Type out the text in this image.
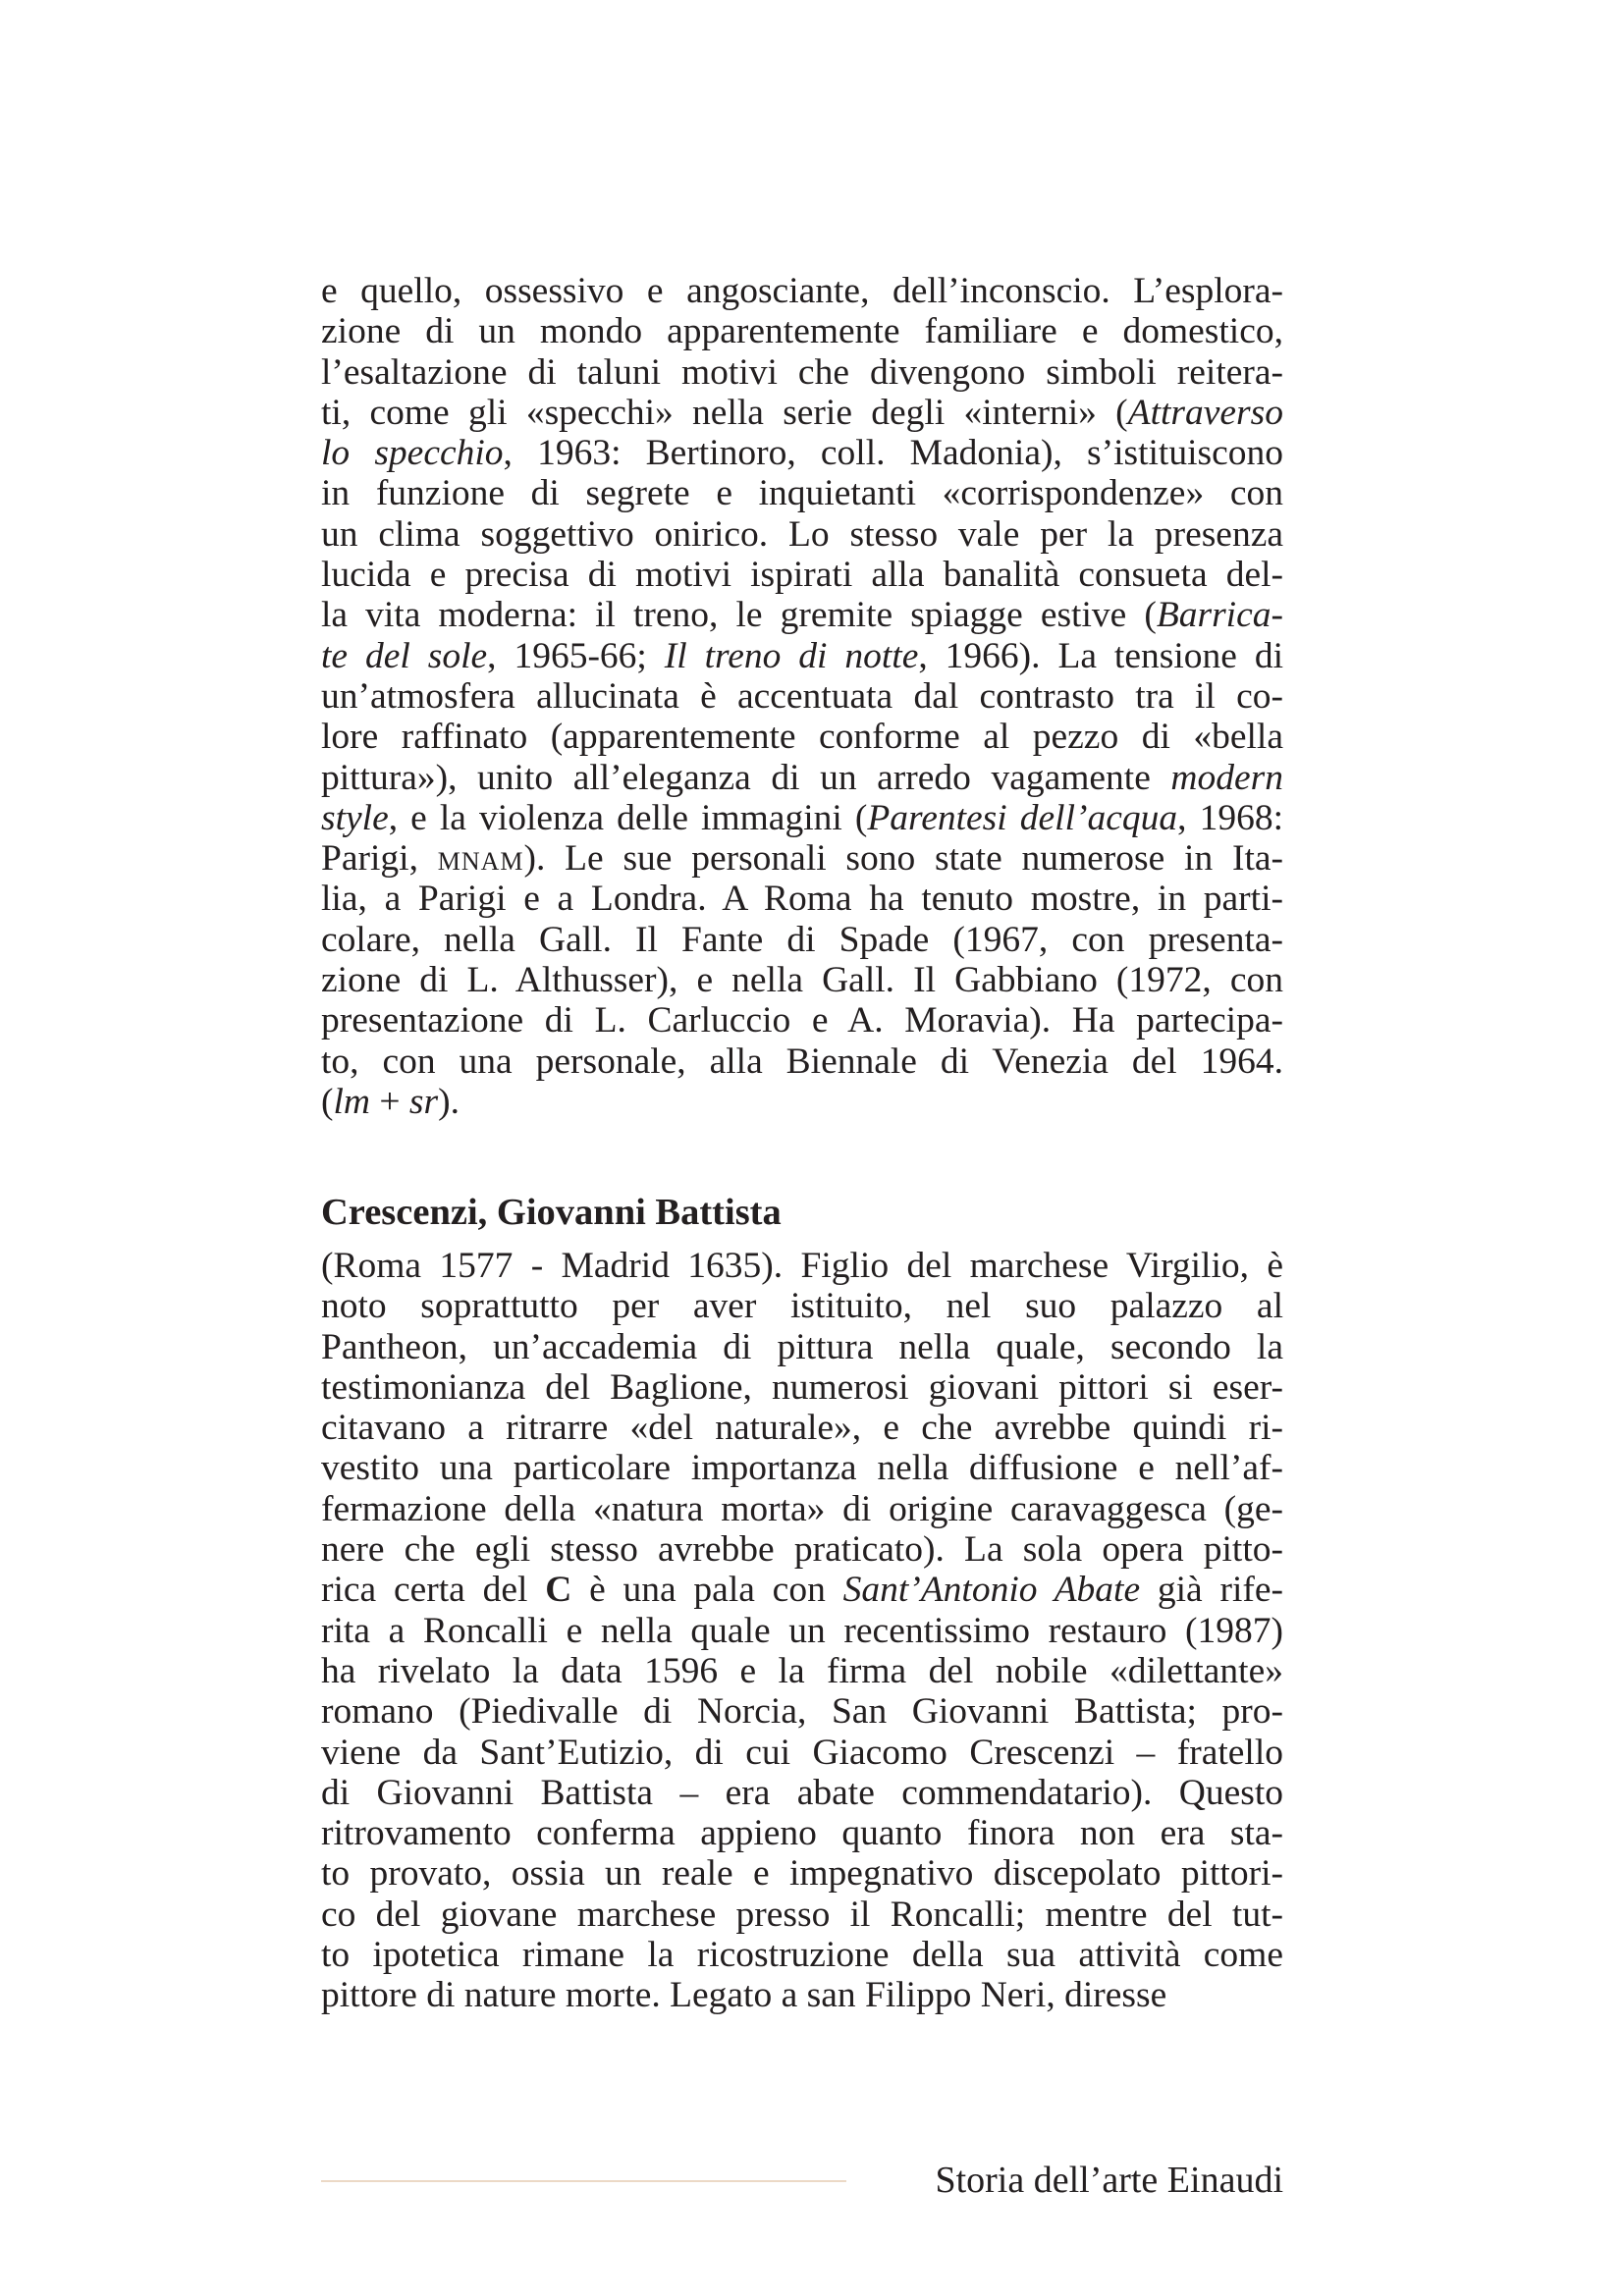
e quello, ossessivo e angosciante, dell’inconscio. L’esplora-
zione di un mondo apparentemente familiare e domestico,
l’esaltazione di taluni motivi che divengono simboli reitera-
ti, come gli «specchi» nella serie degli «interni» (Attraverso
lo specchio, 1963: Bertinoro, coll. Madonia), s’istituiscono
in funzione di segrete e inquietanti «corrispondenze» con
un clima soggettivo onirico. Lo stesso vale per la presenza
lucida e precisa di motivi ispirati alla banalità consueta del-
la vita moderna: il treno, le gremite spiagge estive (Barrica-
te del sole, 1965-66; Il treno di notte, 1966). La tensione di
un’atmosfera allucinata è accentuata dal contrasto tra il co-
lore raffinato (apparentemente conforme al pezzo di «bella
pittura»), unito all’eleganza di un arredo vagamente modern
style, e la violenza delle immagini (Parentesi dell’acqua, 1968:
Parigi, mnam). Le sue personali sono state numerose in Ita-
lia, a Parigi e a Londra. A Roma ha tenuto mostre, in parti-
colare, nella Gall. Il Fante di Spade (1967, con presenta-
zione di L. Althusser), e nella Gall. Il Gabbiano (1972, con
presentazione di L. Carluccio e A. Moravia). Ha partecipa-
to, con una personale, alla Biennale di Venezia del 1964.
(lm + sr).
Crescenzi, Giovanni Battista
(Roma 1577 - Madrid 1635). Figlio del marchese Virgilio, è
noto soprattutto per aver istituito, nel suo palazzo al
Pantheon, un’accademia di pittura nella quale, secondo la
testimonianza del Baglione, numerosi giovani pittori si eser-
citavano a ritrarre «del naturale», e che avrebbe quindi ri-
vestito una particolare importanza nella diffusione e nell’af-
fermazione della «natura morta» di origine caravaggesca (ge-
nere che egli stesso avrebbe praticato). La sola opera pitto-
rica certa del C è una pala con Sant’Antonio Abate già rife-
rita a Roncalli e nella quale un recentissimo restauro (1987)
ha rivelato la data 1596 e la firma del nobile «dilettante»
romano (Piedivalle di Norcia, San Giovanni Battista; pro-
viene da Sant’Eutizio, di cui Giacomo Crescenzi – fratello
di Giovanni Battista – era abate commendatario). Questo
ritrovamento conferma appieno quanto finora non era sta-
to provato, ossia un reale e impegnativo discepolato pittori-
co del giovane marchese presso il Roncalli; mentre del tut-
to ipotetica rimane la ricostruzione della sua attività come
pittore di nature morte. Legato a san Filippo Neri, diresse
Storia dell’arte Einaudi
